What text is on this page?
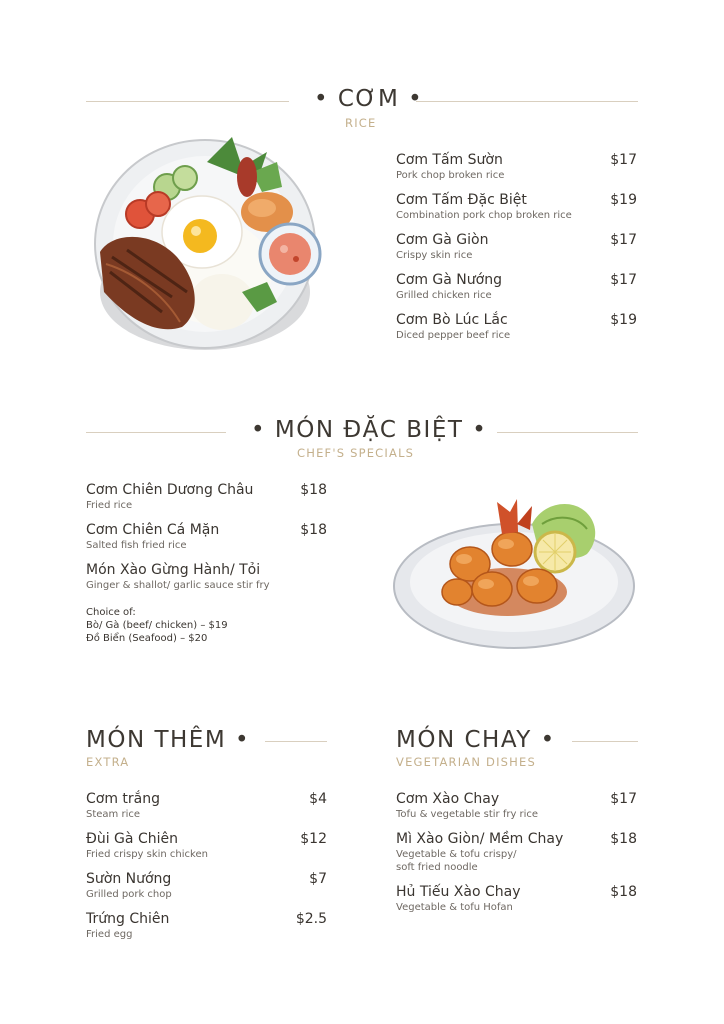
• CƠM •
RICE
Cơm Tấm Sườn
Pork chop broken rice
$17
Cơm Tấm Đặc Biệt
Combination pork chop broken rice
$19
Cơm Gà Giòn
Crispy skin rice
$17
Cơm Gà Nướng
Grilled chicken rice
$17
Cơm Bò Lúc Lắc
Diced pepper beef rice
$19
• MÓN ĐẶC BIỆT •
CHEF'S SPECIALS
Cơm Chiên Dương Châu
Fried rice
$18
Cơm Chiên Cá Mặn
Salted fish fried rice
$18
Món Xào Gừng Hành/ Tỏi
Ginger & shallot/ garlic sauce stir fry
Choice of:
Bò/ Gà (beef/ chicken) – $19
Đồ Biển (Seafood) – $20
MÓN THÊM •
EXTRA
Cơm trắng
Steam rice
$4
Đùi Gà Chiên
Fried crispy skin chicken
$12
Sườn Nướng
Grilled pork chop
$7
Trứng Chiên
Fried egg
$2.5
MÓN CHAY •
VEGETARIAN DISHES
Cơm Xào Chay
Tofu & vegetable stir fry rice
$17
Mì Xào Giòn/ Mềm Chay
Vegetable & tofu crispy/
soft fried noodle
$18
Hủ Tiếu Xào Chay
Vegetable & tofu Hofan
$18
